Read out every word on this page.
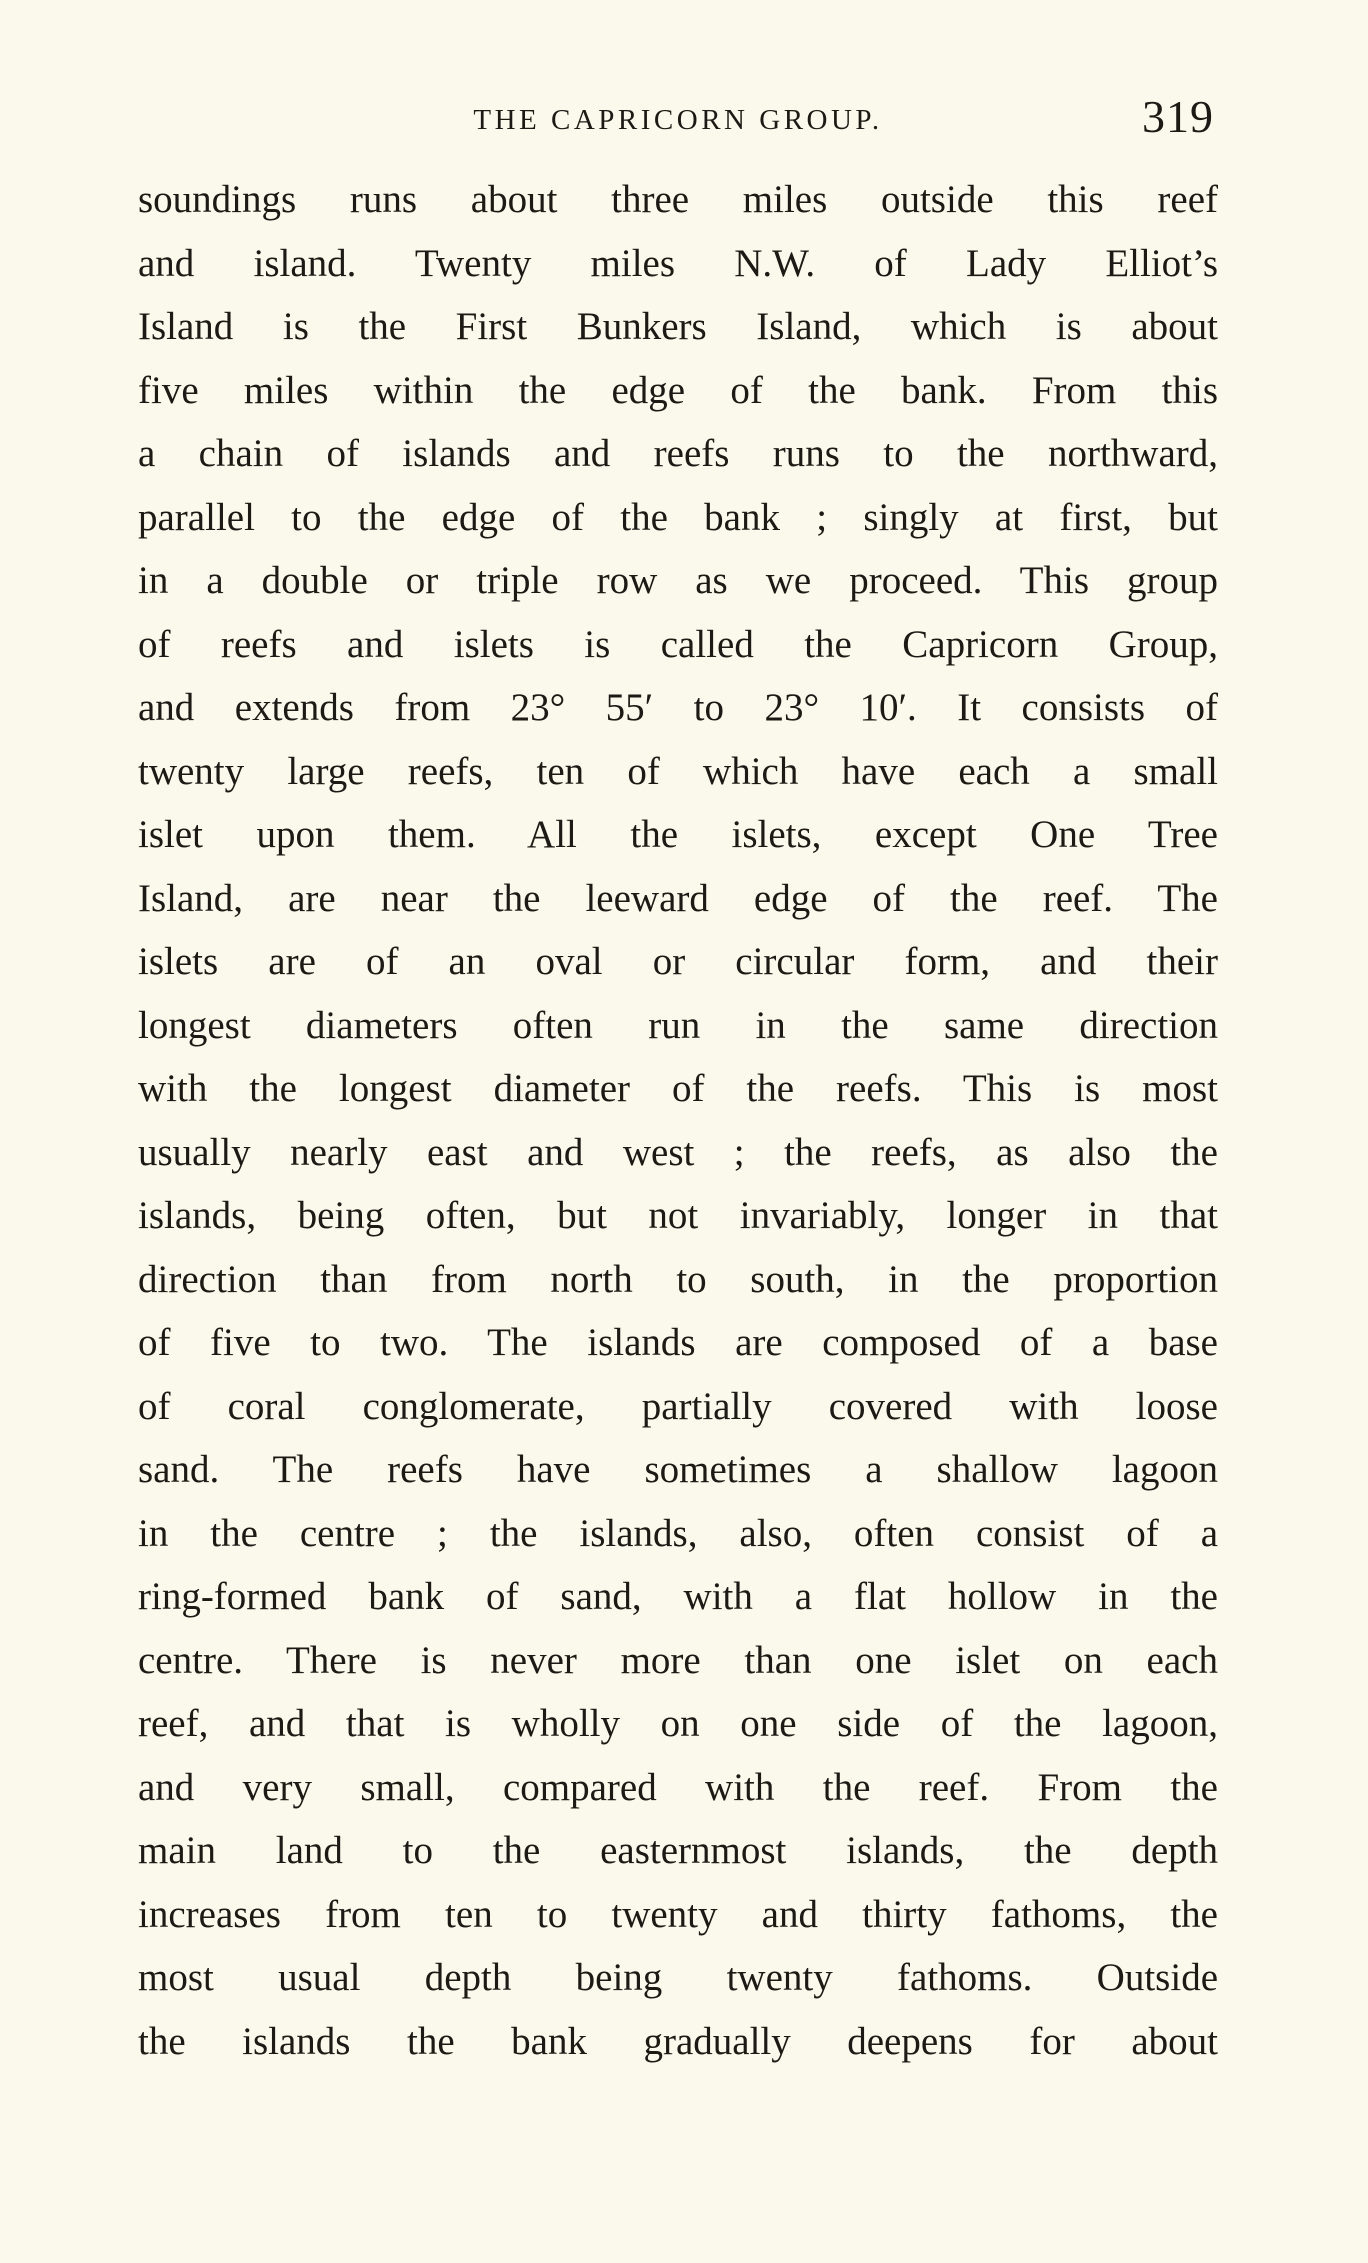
THE CAPRICORN GROUP.	319
soundings runs about three miles outside this reef
and island. Twenty miles N.W. of Lady Elliot’s
Island is the First Bunkers Island, which is about
five miles within the edge of the bank. From this
a chain of islands and reefs runs to the northward,
parallel to the edge of the bank ; singly at first, but
in a double or triple row as we proceed. This group
of reefs and islets is called the Capricorn Group,
and extends from 23° 55′ to 23° 10′. It consists of
twenty large reefs, ten of which have each a small
islet upon them. All the islets, except One Tree
Island, are near the leeward edge of the reef. The
islets are of an oval or circular form, and their
longest diameters often run in the same direction
with the longest diameter of the reefs. This is most
usually nearly east and west ; the reefs, as also the
islands, being often, but not invariably, longer in that
direction than from north to south, in the proportion
of five to two. The islands are composed of a base
of coral conglomerate, partially covered with loose
sand. The reefs have sometimes a shallow lagoon
in the centre ; the islands, also, often consist of a
ring-formed bank of sand, with a flat hollow in the
centre. There is never more than one islet on each
reef, and that is wholly on one side of the lagoon,
and very small, compared with the reef. From the
main land to the easternmost islands, the depth
increases from ten to twenty and thirty fathoms, the
most usual depth being twenty fathoms. Outside
the islands the bank gradually deepens for about
